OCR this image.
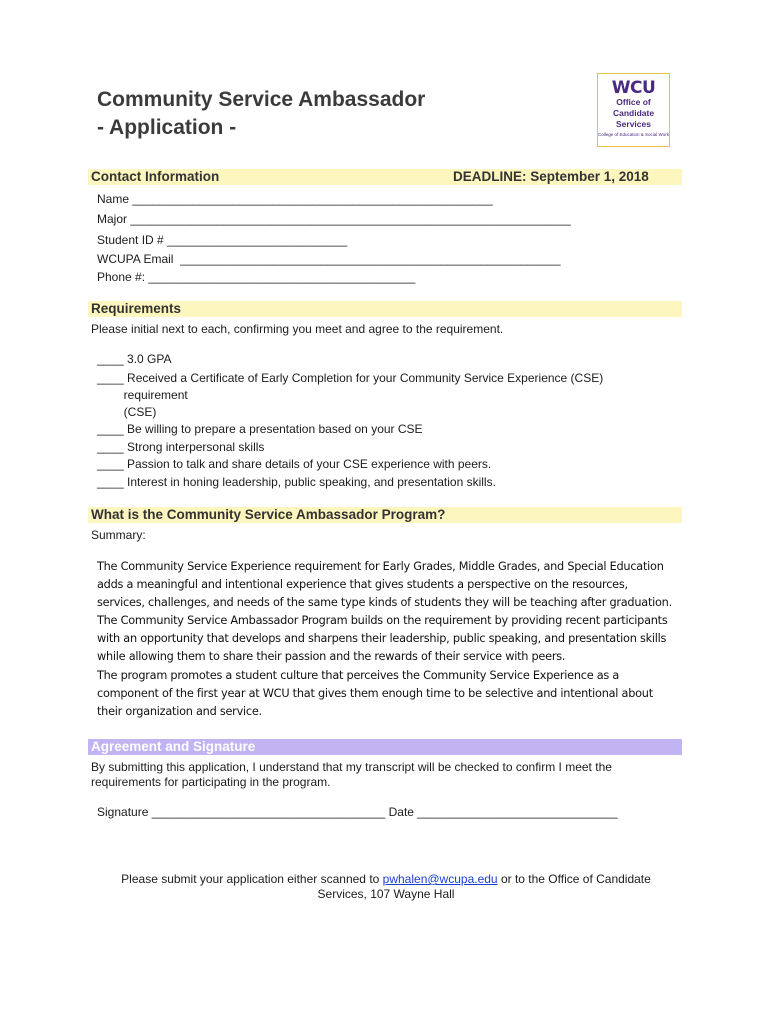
Community Service Ambassador
- Application -
WCU
Office of
Candidate
Services
College of Education & Social Work
Contact Information	DEADLINE: September 1, 2018
Name ______________________________________________________
Major __________________________________________________________________
Student ID # ___________________________
WCUPA Email  _________________________________________________________
Phone #: ________________________________________
Requirements
Please initial next to each, confirming you meet and agree to the requirement.
____ 3.0 GPA
____ Received a Certificate of Early Completion for your Community Service Experience (CSE)
requirement
(CSE)
____ Be willing to prepare a presentation based on your CSE
____ Strong interpersonal skills
____ Passion to talk and share details of your CSE experience with peers.
____ Interest in honing leadership, public speaking, and presentation skills.
What is the Community Service Ambassador Program?
Summary:
The Community Service Experience requirement for Early Grades, Middle Grades, and Special Education
adds a meaningful and intentional experience that gives students a perspective on the resources,
services, challenges, and needs of the same type kinds of students they will be teaching after graduation.
The Community Service Ambassador Program builds on the requirement by providing recent participants
with an opportunity that develops and sharpens their leadership, public speaking, and presentation skills
while allowing them to share their passion and the rewards of their service with peers.
The program promotes a student culture that perceives the Community Service Experience as a
component of the first year at WCU that gives them enough time to be selective and intentional about
their organization and service.
Agreement and Signature
By submitting this application, I understand that my transcript will be checked to confirm I meet the
requirements for participating in the program.
Signature ___________________________________ Date ______________________________
Please submit your application either scanned to pwhalen@wcupa.edu or to the Office of Candidate
Services, 107 Wayne Hall
